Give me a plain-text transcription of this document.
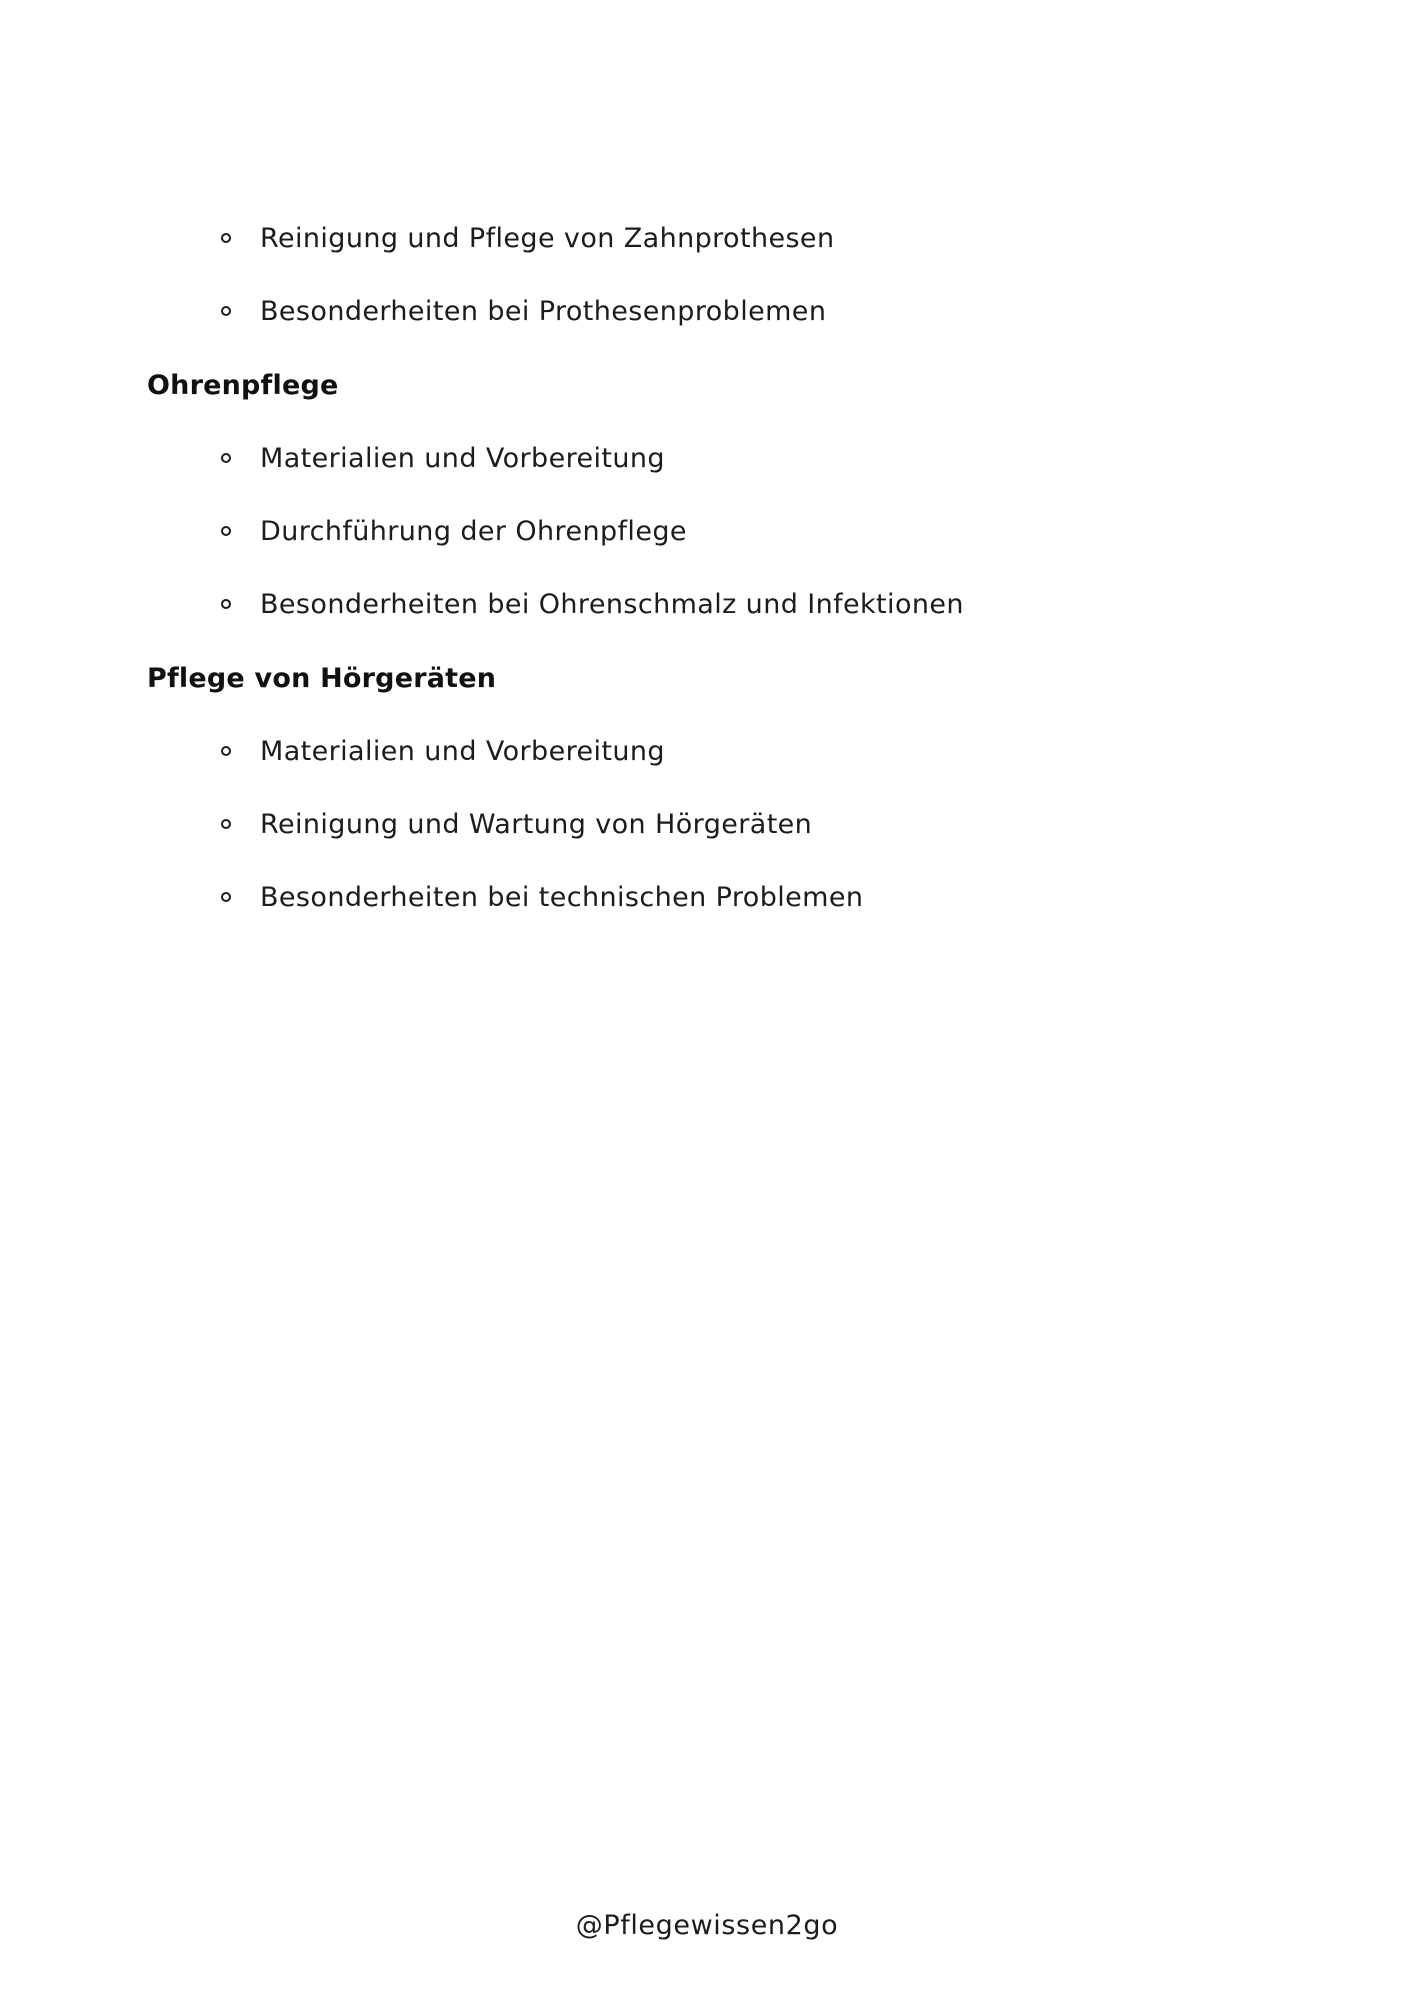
Reinigung und Pflege von Zahnprothesen
Besonderheiten bei Prothesenproblemen
Ohrenpflege
Materialien und Vorbereitung
Durchführung der Ohrenpflege
Besonderheiten bei Ohrenschmalz und Infektionen
Pflege von Hörgeräten
Materialien und Vorbereitung
Reinigung und Wartung von Hörgeräten
Besonderheiten bei technischen Problemen
@Pflegewissen2go
